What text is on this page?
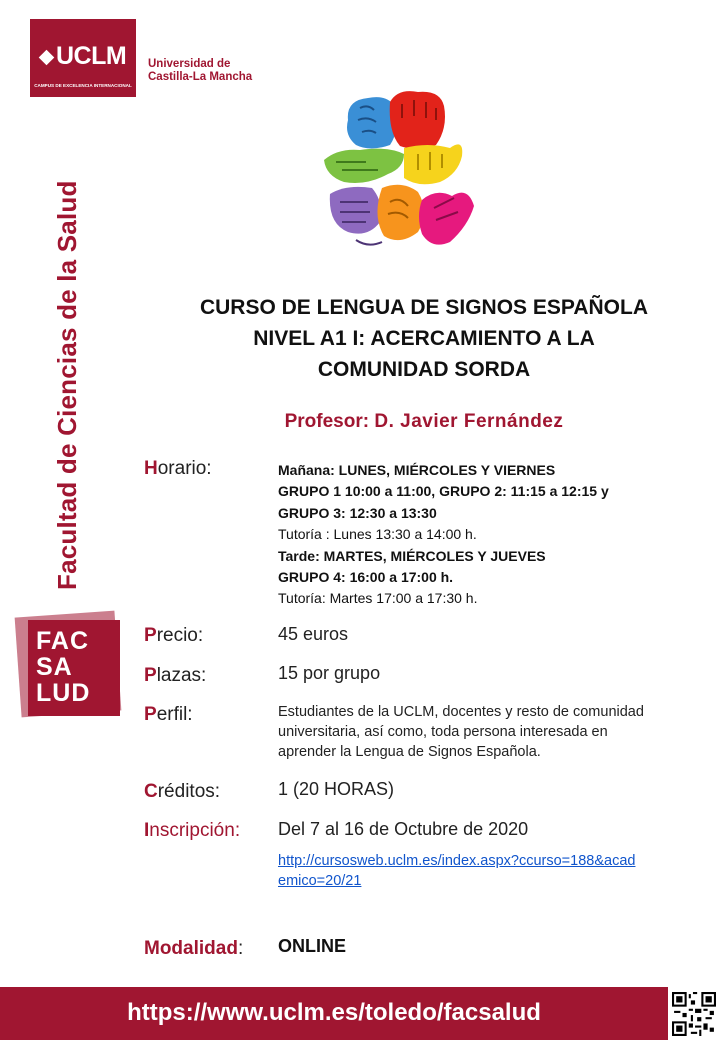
UCLM
CAMPUS DE EXCELENCIA INTERNACIONAL
Universidad de
Castilla-La Mancha
Facultad de Ciencias de la Salud
FAC
SA
LUD
CURSO DE LENGUA DE SIGNOS ESPAÑOLA
NIVEL A1 I: ACERCAMIENTO A LA
COMUNIDAD SORDA
Profesor: D. Javier Fernández
Horario:	Mañana: LUNES, MIÉRCOLES Y VIERNES
GRUPO 1 10:00 a 11:00, GRUPO 2: 11:15 a 12:15 y
GRUPO 3: 12:30 a 13:30
Tutoría : Lunes 13:30 a 14:00 h.
Tarde: MARTES, MIÉRCOLES Y JUEVES
GRUPO 4: 16:00 a 17:00 h.
Tutoría: Martes 17:00 a 17:30 h.
Precio:	45 euros
Plazas:	15 por grupo
Perfil:	Estudiantes de la UCLM, docentes y resto de comunidad
universitaria, así como, toda persona interesada en
aprender la Lengua de Signos Española.
Créditos:	1 (20 HORAS)
Inscripción: Del 7 al 16 de Octubre de 2020
http://cursosweb.uclm.es/index.aspx?ccurso=188&acad
emico=20/21
Modalidad: ONLINE
https://www.uclm.es/toledo/facsalud
